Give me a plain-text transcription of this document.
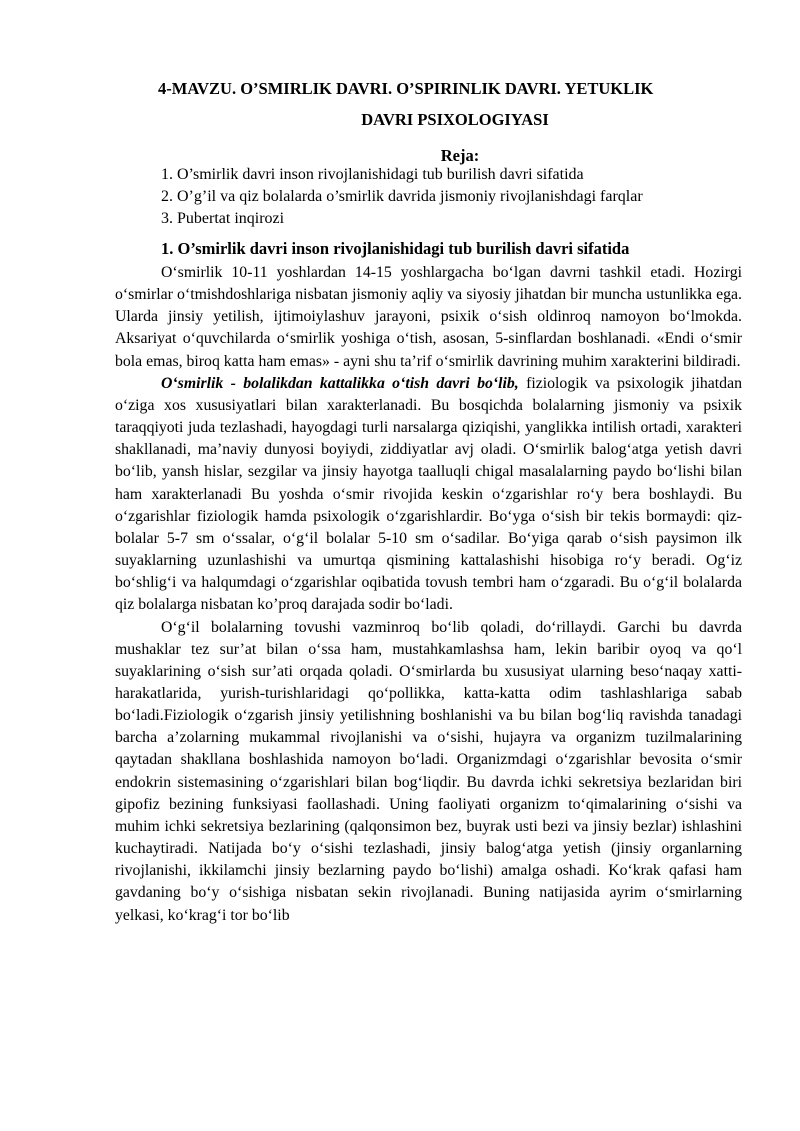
4-MAVZU. O’SMIRLIK DAVRI. O’SPIRINLIK DAVRI. YETUKLIK
DAVRI PSIXOLOGIYASI

Reja:

1. O’smirlik davri inson rivojlanishidagi tub burilish davri sifatida
2. O’g’il va qiz bolalarda o’smirlik davrida jismoniy rivojlanishdagi farqlar
3. Pubertat inqirozi
1. O’smirlik davri inson rivojlanishidagi tub burilish davri sifatida

O‘smirlik 10-11 yoshlardan 14-15 yoshlargacha bo‘lgan davrni tashkil etadi. Hozirgi o‘smirlar o‘tmishdoshlariga nisbatan jismoniy aqliy va siyosiy jihatdan bir muncha ustunlikka ega. Ularda jinsiy yetilish, ijtimoiylashuv jarayoni, psixik o‘sish oldinroq namoyon bo‘lmokda. Aksariyat o‘quvchilarda o‘smirlik yoshiga o‘tish, asosan, 5-sinflardan boshlanadi. «Endi o‘smir bola emas, biroq katta ham emas» - ayni shu ta’rif o‘smirlik davrining muhim xarakterini bildiradi.

O‘smirlik - bolalikdan kattalikka o‘tish davri bo‘lib, fiziologik va psixologik jihatdan o‘ziga xos xususiyatlari bilan xarakterlanadi. Bu bosqichda bolalarning jismoniy va psixik taraqqiyoti juda tezlashadi, hayogdagi turli narsalarga qiziqishi, yanglikka intilish ortadi, xarakteri shakllanadi, ma’naviy dunyosi boyiydi, ziddiyatlar avj oladi. O‘smirlik balog‘atga yetish davri bo‘lib, yansh hislar, sezgilar va jinsiy hayotga taalluqli chigal masalalarning paydo bo‘lishi bilan ham xarakterlanadi Bu yoshda o‘smir rivojida keskin o‘zgarishlar ro‘y bera boshlaydi. Bu o‘zgarishlar fiziologik hamda psixologik o‘zgarishlardir. Bo‘yga o‘sish bir tekis bormaydi: qiz-bolalar 5-7 sm o‘ssalar, o‘g‘il bolalar 5-10 sm o‘sadilar. Bo‘yiga qarab o‘sish paysimon ilk suyaklarning uzunlashishi va umurtqa qismining kattalashishi hisobiga ro‘y beradi. Og‘iz bo‘shlig‘i va halqumdagi o‘zgarishlar oqibatida tovush tembri ham o‘zgaradi. Bu o‘g‘il bolalarda qiz bolalarga nisbatan ko’proq darajada sodir bo‘ladi.

O‘g‘il bolalarning tovushi vazminroq bo‘lib qoladi, do‘rillaydi. Garchi bu davrda mushaklar tez sur’at bilan o‘ssa ham, mustahkamlashsa ham, lekin baribir oyoq va qo‘l suyaklarining o‘sish sur’ati orqada qoladi. O‘smirlarda bu xususiyat ularning beso‘naqay xatti-harakatlarida, yurish-turishlaridagi qo‘pollikka, katta-katta odim tashlashlariga sabab bo‘ladi.Fiziologik o‘zgarish jinsiy yetilishning boshlanishi va bu bilan bog‘liq ravishda tanadagi barcha a’zolarning mukammal rivojlanishi va o‘sishi, hujayra va organizm tuzilmalarining qaytadan shakllana boshlashida namoyon bo‘ladi. Organizmdagi o‘zgarishlar bevosita o‘smir endokrin sistemasining o‘zgarishlari bilan bog‘liqdir. Bu davrda ichki sekretsiya bezlaridan biri gipofiz bezining funksiyasi faollashadi. Uning faoliyati organizm to‘qimalarining o‘sishi va muhim ichki sekretsiya bezlarining (qalqonsimon bez, buyrak usti bezi va jinsiy bezlar) ishlashini kuchaytiradi. Natijada bo‘y o‘sishi tezlashadi, jinsiy balog‘atga yetish (jinsiy organlarning rivojlanishi, ikkilamchi jinsiy bezlarning paydo bo‘lishi) amalga oshadi. Ko‘krak qafasi ham gavdaning bo‘y o‘sishiga nisbatan sekin rivojlanadi. Buning natijasida ayrim o‘smirlarning yelkasi, ko‘krag‘i tor bo‘lib
